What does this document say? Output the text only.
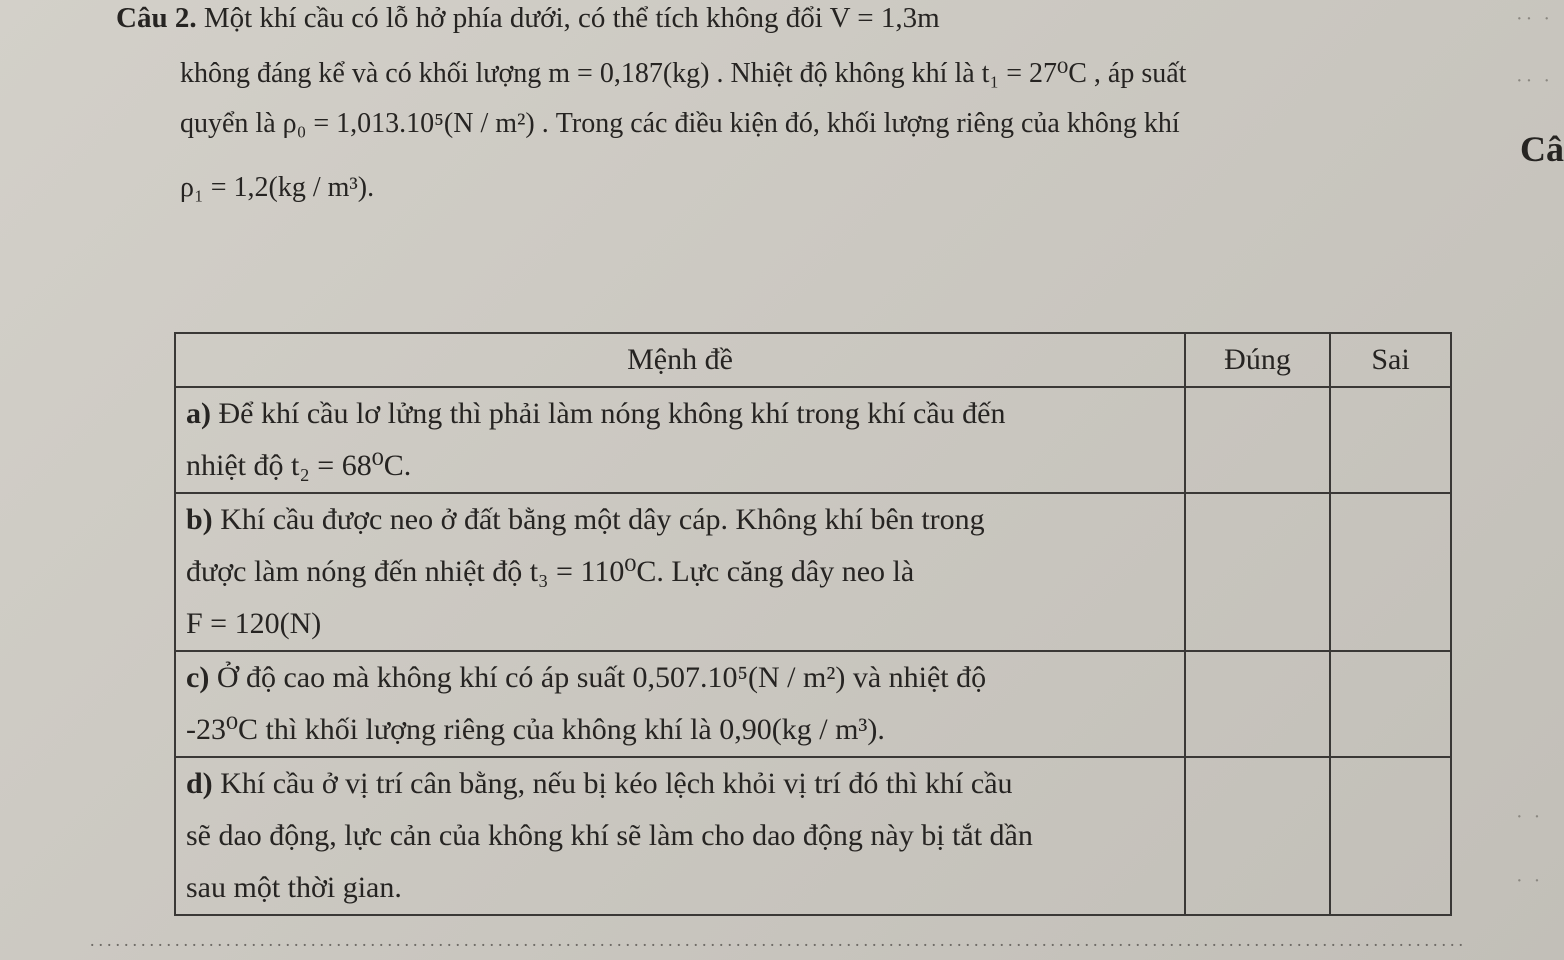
Câu 2. Một khí cầu có lỗ hở phía dưới, có thể tích không đổi V = 1,3m
không đáng kể và có khối lượng m = 0,187(kg) . Nhiệt độ không khí là t₁ = 27⁰C , áp suất
quyển là ρ₀ = 1,013.10⁵(N / m²) . Trong các điều kiện đó, khối lượng riêng của không khí
ρ₁ = 1,2(kg / m³).
Câ
·· ·
·· ·
· ·
· ·
Mệnh đề	Đúng	Sai

a) Để khí cầu lơ lửng thì phải làm nóng không khí trong khí cầu đến
nhiệt độ t₂ = 68⁰C.		

b) Khí cầu được neo ở đất bằng một dây cáp. Không khí bên trong
được làm nóng đến nhiệt độ t₃ = 110⁰C. Lực căng dây neo là
F = 120(N)		

c) Ở độ cao mà không khí có áp suất 0,507.10⁵(N / m²) và nhiệt độ
-23⁰C thì khối lượng riêng của không khí là 0,90(kg / m³).		

d) Khí cầu ở vị trí cân bằng, nếu bị kéo lệch khỏi vị trí đó thì khí cầu
sẽ dao động, lực cản của không khí sẽ làm cho dao động này bị tắt dần
sau một thời gian.		

..................................................................................................................................................................
